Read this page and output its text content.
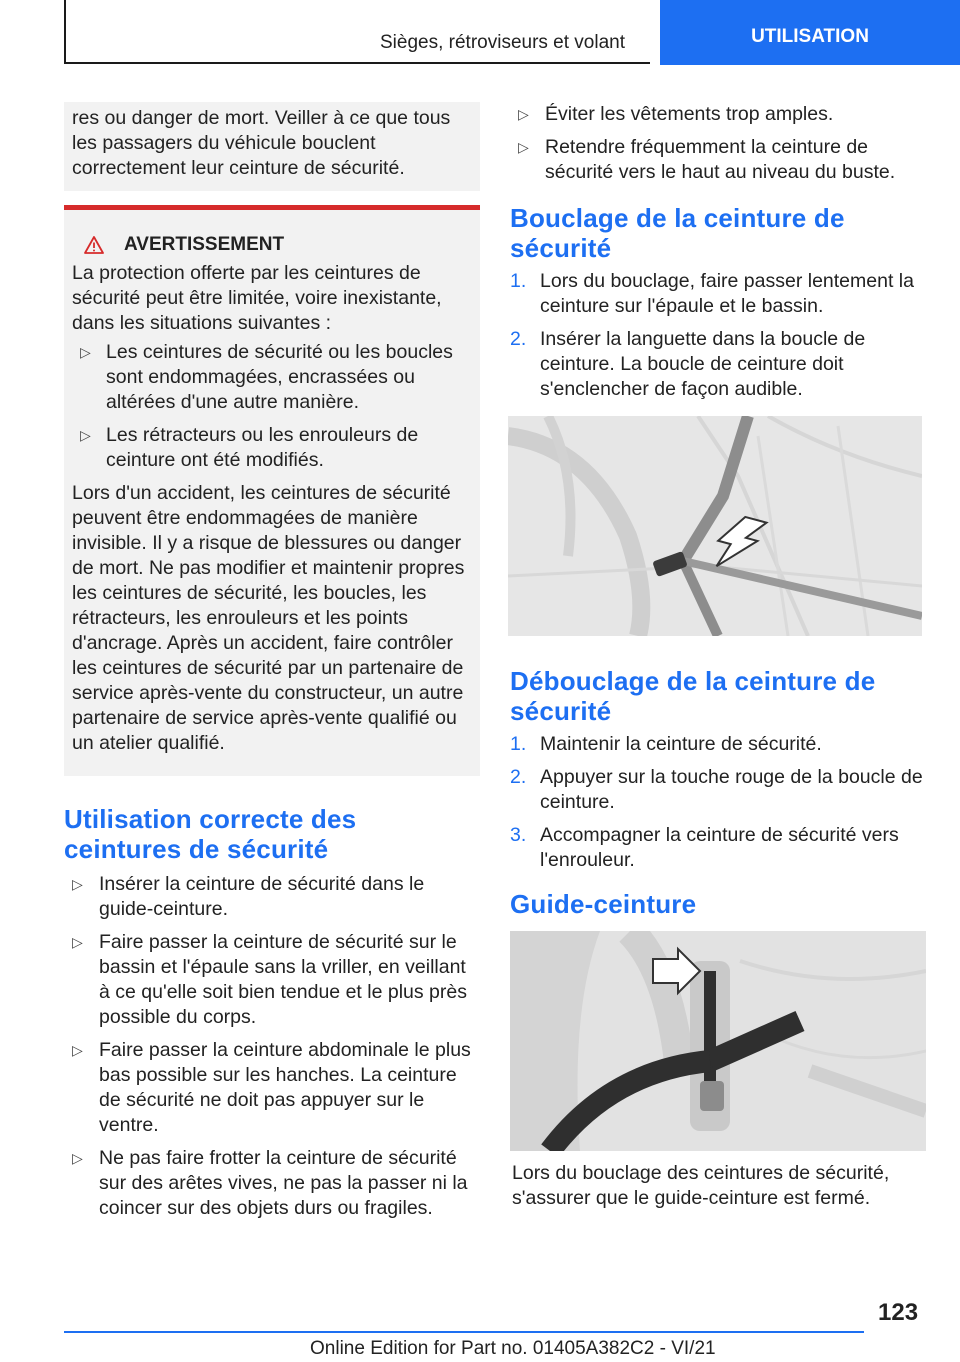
Sièges, rétroviseurs et volant	UTILISATION

res ou danger de mort. Veiller à ce que tous les passagers du véhicule bouclent correctement leur ceinture de sécurité.

AVERTISSEMENT

La protection offerte par les ceintures de sécurité peut être limitée, voire inexistante, dans les situations suivantes :

▷ Les ceintures de sécurité ou les boucles sont endommagées, encrassées ou altérées d'une autre manière.
▷ Les rétracteurs ou les enrouleurs de ceinture ont été modifiés.

Lors d'un accident, les ceintures de sécurité peuvent être endommagées de manière invisible. Il y a risque de blessures ou danger de mort. Ne pas modifier et maintenir propres les ceintures de sécurité, les boucles, les rétracteurs, les enrouleurs et les points d'ancrage. Après un accident, faire contrôler les ceintures de sécurité par un partenaire de service après-vente du constructeur, un autre partenaire de service après-vente qualifié ou un atelier qualifié.

Utilisation correcte des ceintures de sécurité
▷ Insérer la ceinture de sécurité dans le guide-ceinture.
▷ Faire passer la ceinture de sécurité sur le bassin et l'épaule sans la vriller, en veillant à ce qu'elle soit bien tendue et le plus près possible du corps.
▷ Faire passer la ceinture abdominale le plus bas possible sur les hanches. La ceinture de sécurité ne doit pas appuyer sur le ventre.
▷ Ne pas faire frotter la ceinture de sécurité sur des arêtes vives, ne pas la passer ni la coincer sur des objets durs ou fragiles.
▷ Éviter les vêtements trop amples.
▷ Retendre fréquemment la ceinture de sécurité vers le haut au niveau du buste.
Bouclage de la ceinture de sécurité
1. Lors du bouclage, faire passer lentement la ceinture sur l'épaule et le bassin.
2. Insérer la languette dans la boucle de ceinture. La boucle de ceinture doit s'enclencher de façon audible.
Débouclage de la ceinture de sécurité
1. Maintenir la ceinture de sécurité.
2. Appuyer sur la touche rouge de la boucle de ceinture.
3. Accompagner la ceinture de sécurité vers l'enrouleur.
Guide-ceinture

Lors du bouclage des ceintures de sécurité, s'assurer que le guide-ceinture est fermé.

123
Online Edition for Part no. 01405A382C2 - VI/21
